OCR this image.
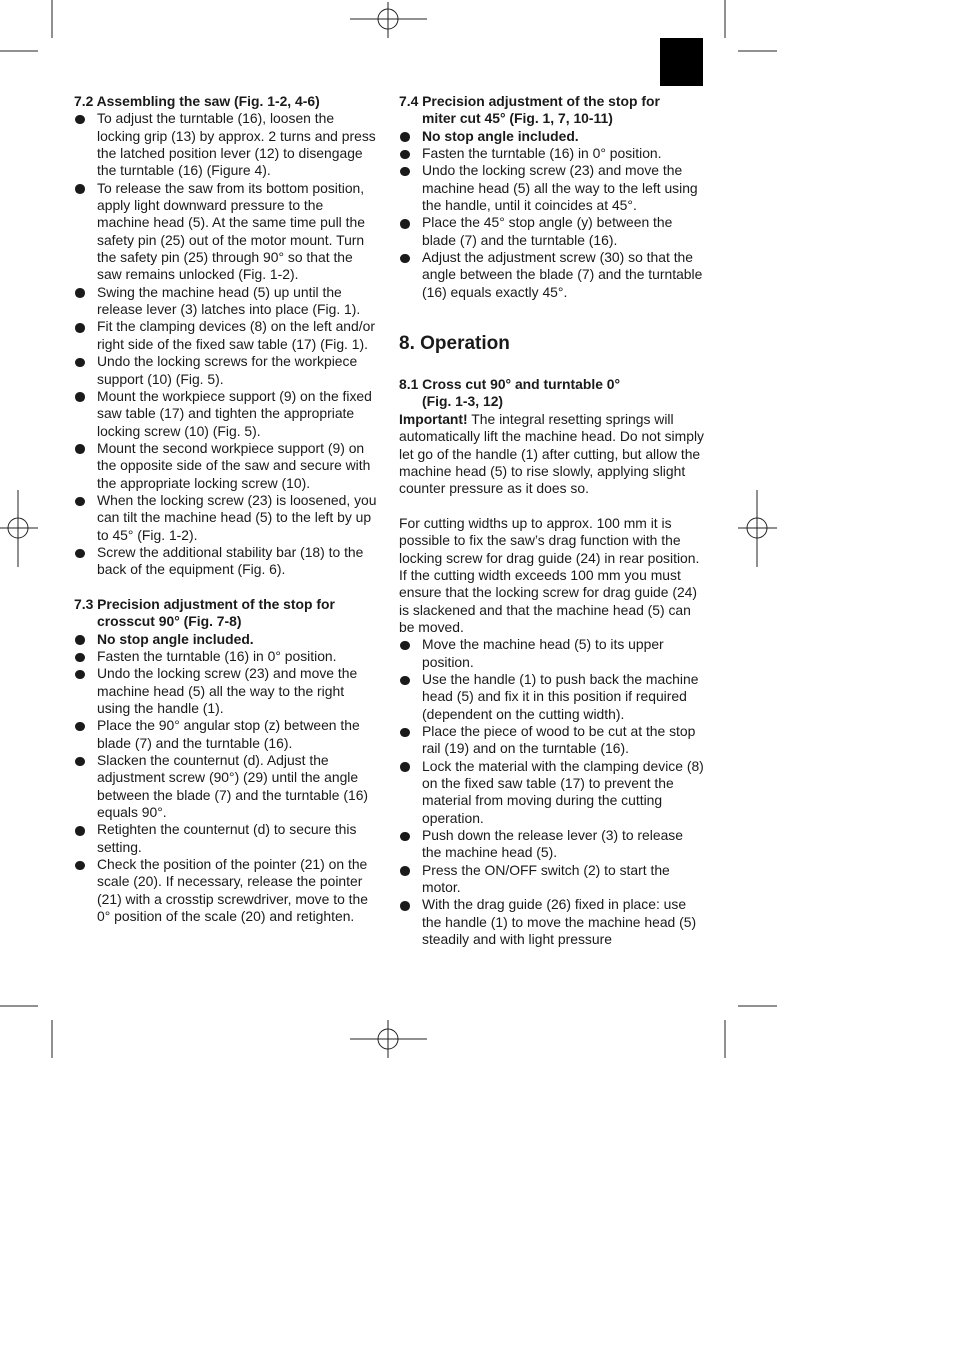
7.2 Assembling the saw (Fig. 1-2, 4-6)

To adjust the turntable (16), loosen the locking grip (13) by approx. 2 turns and press the latched position lever (12) to disengage the turntable (16) (Figure 4).
To release the saw from its bottom position, apply light downward pressure to the machine head (5). At the same time pull the safety pin (25) out of the motor mount. Turn the safety pin (25) through 90° so that the saw remains unlocked (Fig. 1-2).
Swing the machine head (5) up until the release lever (3) latches into place (Fig. 1).
Fit the clamping devices (8) on the left and/or right side of the fixed saw table (17) (Fig. 1).
Undo the locking screws for the workpiece support (10) (Fig. 5).
Mount the workpiece support (9) on the fixed saw table (17) and tighten the appropriate locking screw (10) (Fig. 5).
Mount the second workpiece support (9) on the opposite side of the saw and secure with the appropriate locking screw (10).
When the locking screw (23) is loosened, you can tilt the machine head (5) to the left by up to 45° (Fig. 1-2).
Screw the additional stability bar (18) to the back of the equipment (Fig. 6).

7.3 Precision adjustment of the stop for
crosscut 90° (Fig. 7-8)

No stop angle included.
Fasten the turntable (16) in 0° position.
Undo the locking screw (23) and move the machine head (5) all the way to the right using the handle (1).
Place the 90° angular stop (z) between the blade (7) and the turntable (16).
Slacken the counternut (d). Adjust the adjustment screw (90°) (29) until the angle between the blade (7) and the turntable (16) equals 90°.
Retighten the counternut (d) to secure this setting.
Check the position of the pointer (21) on the scale (20). If necessary, release the pointer (21) with a crosstip screwdriver, move to the 0° position of the scale (20) and retighten.

7.4 Precision adjustment of the stop for
miter cut 45° (Fig. 1, 7, 10-11)

No stop angle included.
Fasten the turntable (16) in 0° position.
Undo the locking screw (23) and move the machine head (5) all the way to the left using the handle, until it coincides at 45°.
Place the 45° stop angle (y) between the blade (7) and the turntable (16).
Adjust the adjustment screw (30) so that the angle between the blade (7) and the turntable (16) equals exactly 45°.
8. Operation

8.1 Cross cut 90° and turntable 0°
(Fig. 1-3, 12)

Important! The integral resetting springs will automatically lift the machine head. Do not simply let go of the handle (1) after cutting, but allow the machine head (5) to rise slowly, applying slight counter pressure as it does so.

For cutting widths up to approx. 100 mm it is possible to fix the saw’s drag function with the locking screw for drag guide (24) in rear position. If the cutting width exceeds 100 mm you must ensure that the locking screw for drag guide (24) is slackened and that the machine head (5) can be moved.

Move the machine head (5) to its upper position.
Use the handle (1) to push back the machine head (5) and fix it in this position if required (dependent on the cutting width).
Place the piece of wood to be cut at the stop rail (19) and on the turntable (16).
Lock the material with the clamping device (8) on the fixed saw table (17) to prevent the material from moving during the cutting operation.
Push down the release lever (3) to release the machine head (5).
Press the ON/OFF switch (2) to start the motor.
With the drag guide (26) fixed in place: use the handle (1) to move the machine head (5) steadily and with light pressure
